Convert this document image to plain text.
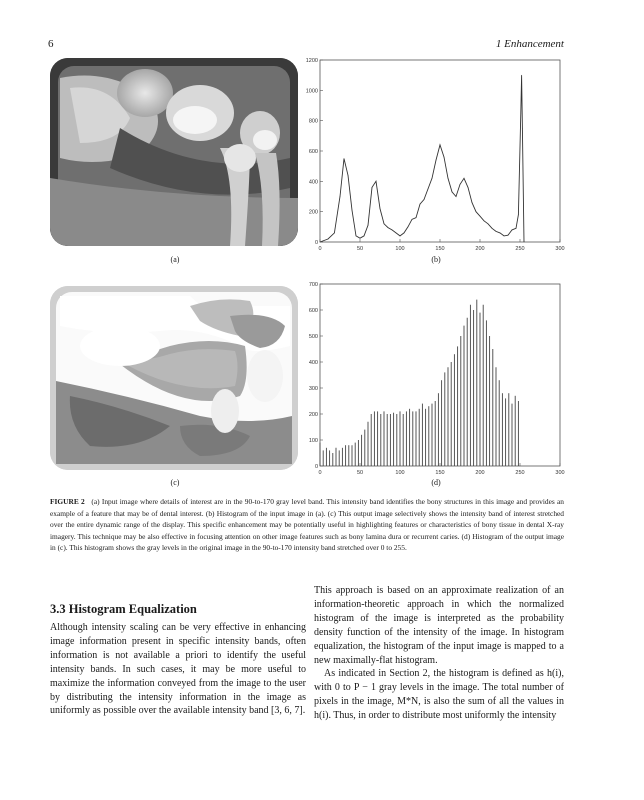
6	1 Enhancement
0	50	100	150	200	250	300
0
200
400
600
800
1000
1200
(a)	(b)
0	50	100	150	200	250	300
0
100
200
300
400
500
600
700
(c)	(d)
FIGURE 2 (a) Input image where details of interest are in the 90-to-170 gray level band. This intensity band identifies the bony structures in this image and provides an example of a feature that may be of dental interest. (b) Histogram of the input image in (a). (c) This output image selectively shows the intensity band of interest stretched over the entire dynamic range of the display. This specific enhancement may be potentially useful in highlighting features or characteristics of bony tissue in dental X-ray imagery. This technique may be also effective in focusing attention on other image features such as bony lamina dura or recurrent caries. (d) Histogram of the output image in (c). This histogram shows the gray levels in the original image in the 90-to-170 intensity band stretched over 0 to 255.
3.3 Histogram Equalization
Although intensity scaling can be very effective in enhancing image information present in specific intensity bands, often information is not available a priori to identify the useful intensity bands. In such cases, it may be more useful to maximize the information conveyed from the image to the user by distributing the intensity information in the image as uniformly as possible over the available intensity band [3, 6, 7].
This approach is based on an approximate realization of an information-theoretic approach in which the normalized histogram of the image is interpreted as the probability density function of the intensity of the image. In histogram equalization, the histogram of the input image is mapped to a new maximally-flat histogram.
As indicated in Section 2, the histogram is defined as h(i), with 0 to P − 1 gray levels in the image. The total number of pixels in the image, M*N, is also the sum of all the values in h(i). Thus, in order to distribute most uniformly the intensity
